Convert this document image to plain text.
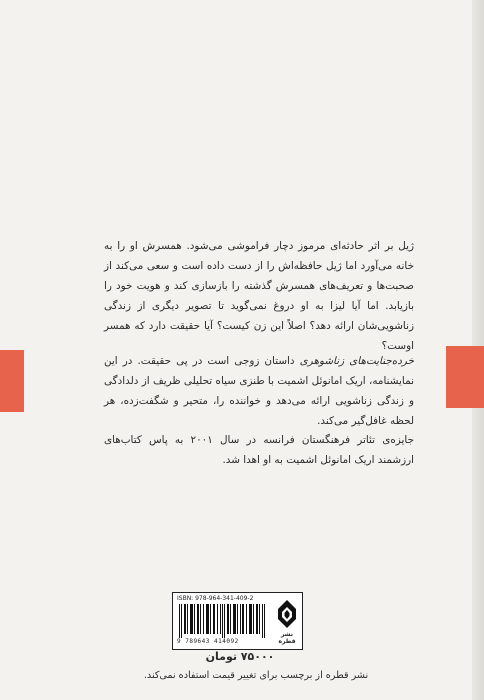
ژیل بر اثر حادثه‌ای مرموز دچار فراموشی می‌شود. همسرش او را به خانه می‌آورد اما ژیل حافظه‌اش را از دست داده است و سعی می‌کند از صحبت‌ها و تعریف‌های همسرش گذشته را بازسازی کند و هویت خود را بازیابد. اما آیا لیزا به او دروغ نمی‌گوید تا تصویر دیگری از زندگی زناشویی‌شان ارائه دهد؟ اصلاً این زن کیست؟ آیا حقیقت دارد که همسر اوست؟

خرده‌جنایت‌های زناشوهری داستان زوجی است در پی حقیقت. در این نمایشنامه، اریک امانوئل اشمیت با طنزی سیاه تحلیلی ظریف از دلدادگی و زندگی زناشویی ارائه می‌دهد و خواننده را، متحیر و شگفت‌زده، هر لحظه غافل‌گیر می‌کند.

جایزه‌ی تئاتر فرهنگستان فرانسه در سال ۲۰۰۱ به پاس کتاب‌های ارزشمند اریک امانوئل اشمیت به او اهدا شد.

ISBN: 978-964-341-409-2
9 789643 414092
نشر قطره
۷۵۰۰۰ تومان
نشر قطره از برچسب برای تغییر قیمت استفاده نمی‌کند.
